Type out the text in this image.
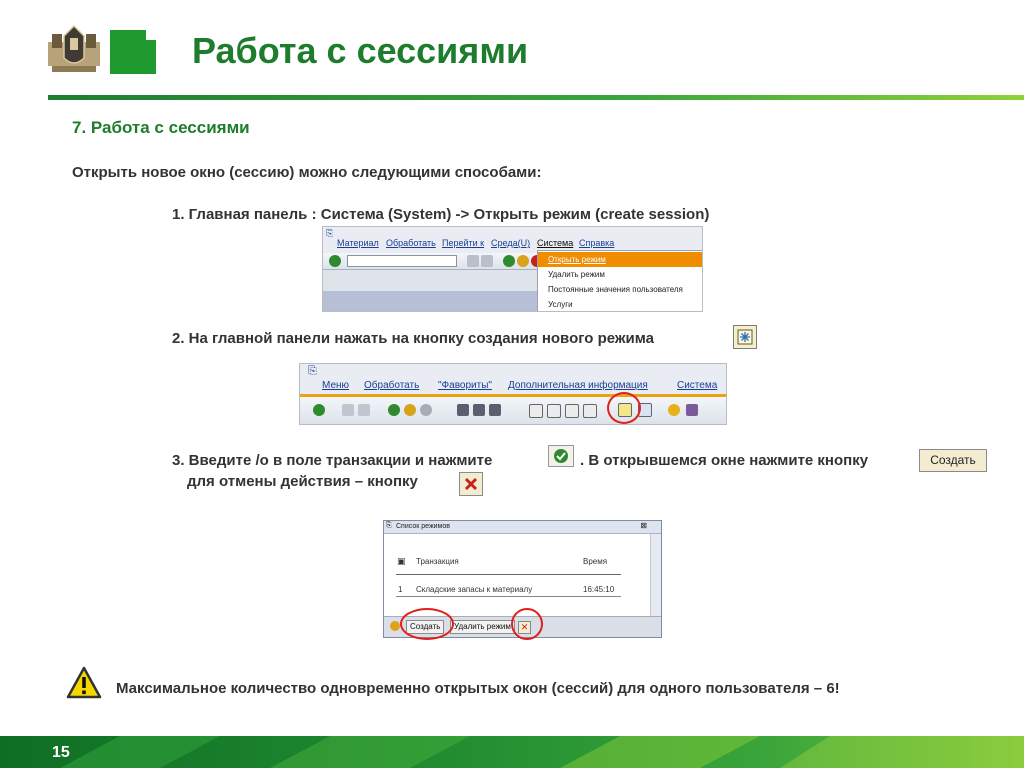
Работа с сессиями
7. Работа с сессиями
Открыть новое окно (сессию) можно следующими способами:
1. Главная панель : Система (System) -> Открыть режим (create session)
⎘
Материал Обработать Перейти к Среда(U) Система Справка
Открыть режим
Удалить режим
Постоянные значения пользователя
Услуги
2. На главной панели нажать на кнопку создания нового режима
⎘
Меню Обработать "Фавориты" Дополнительная информация	Система
3. Введите /o в поле транзакции и нажмите	. В открывшемся окне нажмите кнопку	Создать
для отмены действия – кнопку
Список режимов
⎘	⊠
▣ Транзакция	Время
1 Складские запасы к материалу	16:45:10
Создать	Удалить режим	✕
Максимальное количество одновременно открытых окон (сессий) для одного пользователя – 6!
15
